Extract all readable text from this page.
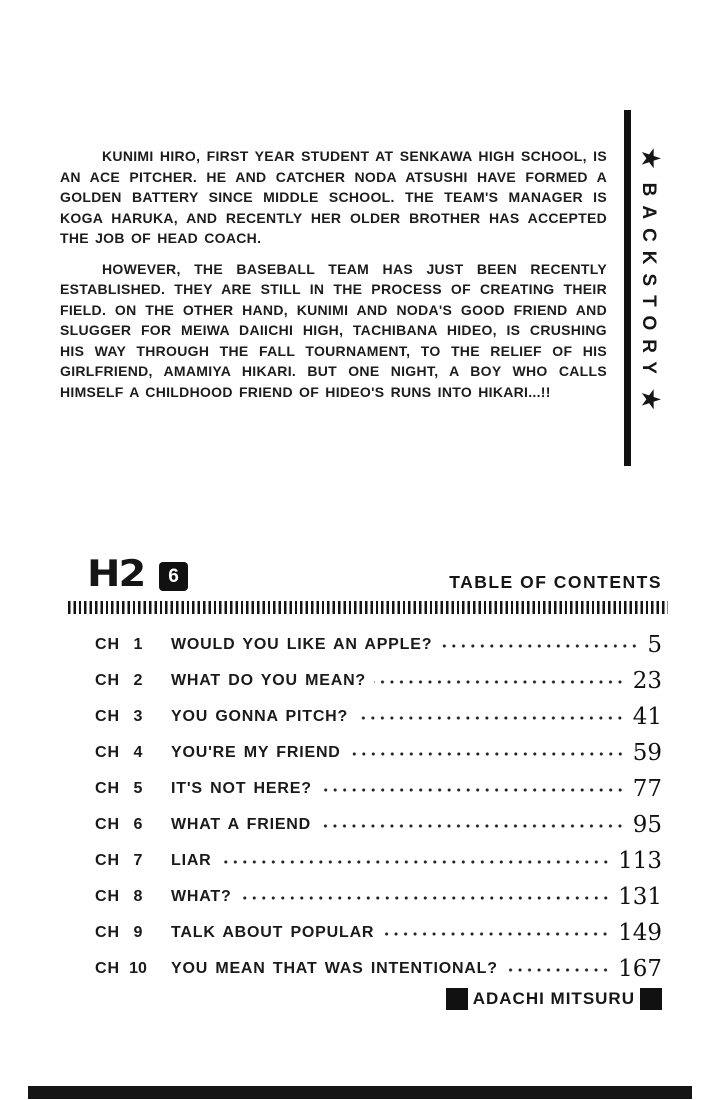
KUNIMI HIRO, FIRST YEAR STUDENT AT SENKAWA HIGH SCHOOL, IS AN ACE PITCHER. HE AND CATCHER NODA ATSUSHI HAVE FORMED A GOLDEN BATTERY SINCE MIDDLE SCHOOL. THE TEAM'S MANAGER IS KOGA HARUKA, AND RECENTLY HER OLDER BROTHER HAS ACCEPTED THE JOB OF HEAD COACH.

HOWEVER, THE BASEBALL TEAM HAS JUST BEEN RECENTLY ESTABLISHED. THEY ARE STILL IN THE PROCESS OF CREATING THEIR FIELD. ON THE OTHER HAND, KUNIMI AND NODA'S GOOD FRIEND AND SLUGGER FOR MEIWA DAIICHI HIGH, TACHIBANA HIDEO, IS CRUSHING HIS WAY THROUGH THE FALL TOURNAMENT, TO THE RELIEF OF HIS GIRLFRIEND, AMAMIYA HIKARI. BUT ONE NIGHT, A BOY WHO CALLS HIMSELF A CHILDHOOD FRIEND OF HIDEO'S RUNS INTO HIKARI...!!

★BACKSTORY★
H2	6	TABLE OF CONTENTS
CH 1	WOULD YOU LIKE AN APPLE?	5
CH 2	WHAT DO YOU MEAN?	23
CH 3	YOU GONNA PITCH?	41
CH 4	YOU'RE MY FRIEND	59
CH 5	IT'S NOT HERE?	77
CH 6	WHAT A FRIEND	95
CH 7	LIAR	113
CH 8	WHAT?	131
CH 9	TALK ABOUT POPULAR	149
CH 10 YOU MEAN THAT WAS INTENTIONAL?	167
ADACHI MITSURU
